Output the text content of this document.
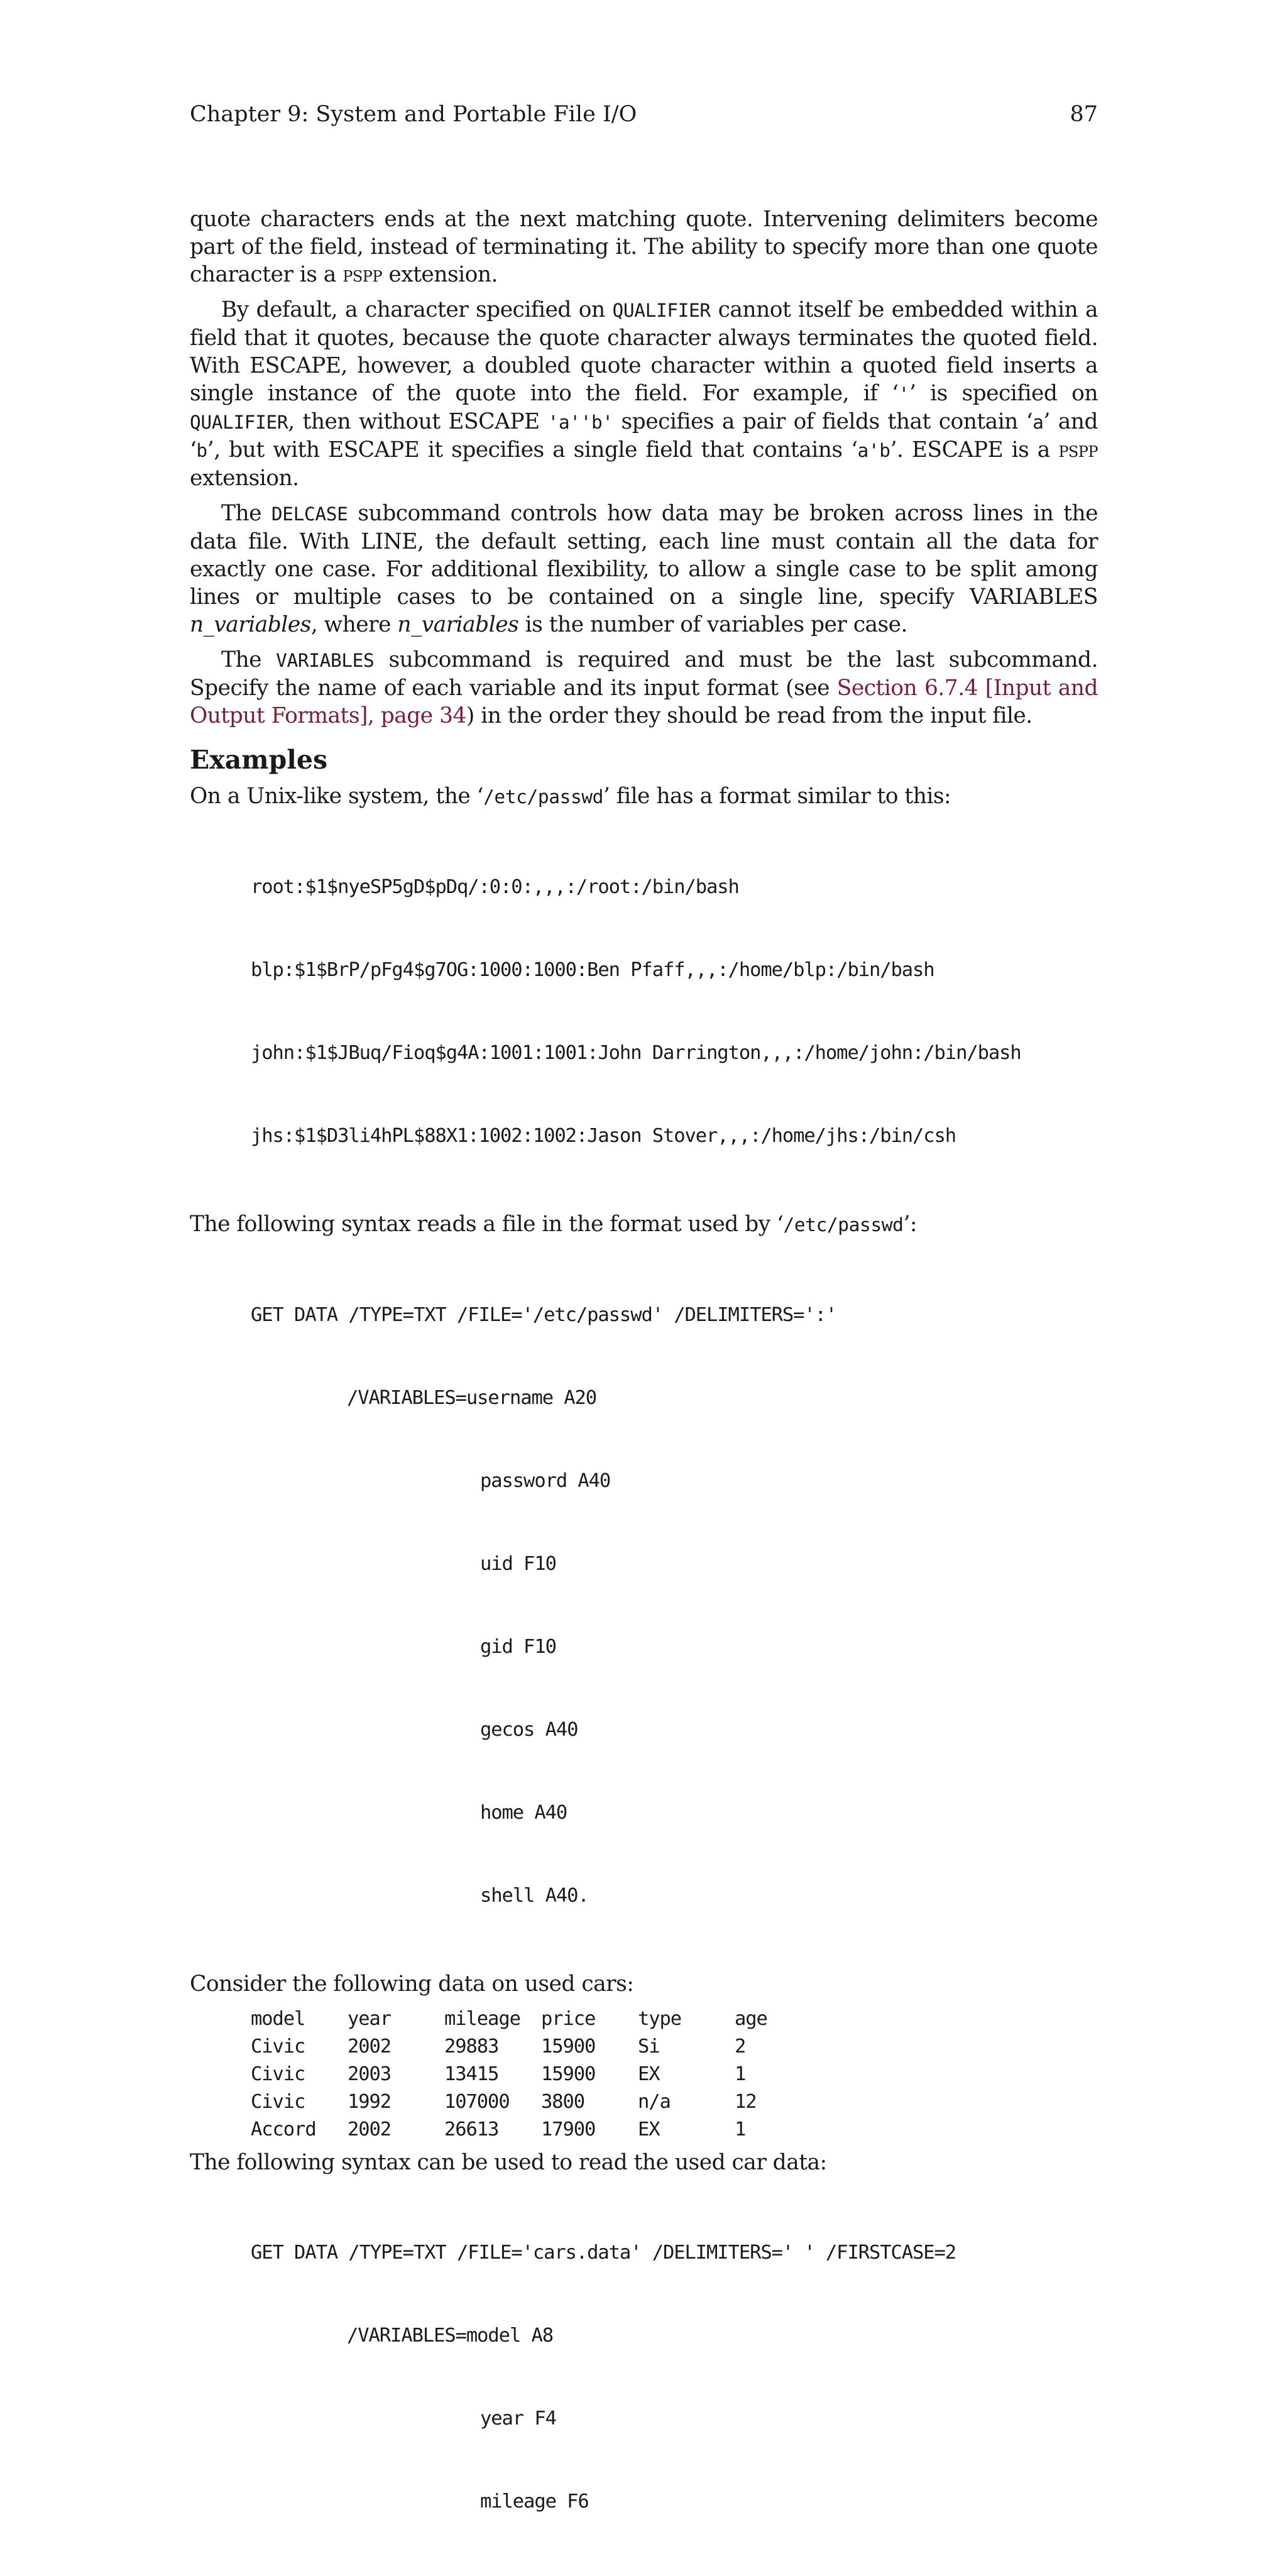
Chapter 9: System and Portable File I/O	87

quote characters ends at the next matching quote. Intervening delimiters become part of the field, instead of terminating it. The ability to specify more than one quote character is a pspp extension.

By default, a character specified on QUALIFIER cannot itself be embedded within a field that it quotes, because the quote character always terminates the quoted field. With ESCAPE, however, a doubled quote character within a quoted field inserts a single instance of the quote into the field. For example, if ‘'’ is specified on QUALIFIER, then without ESCAPE 'a''b' specifies a pair of fields that contain ‘a’ and ‘b’, but with ESCAPE it specifies a single field that contains ‘a'b’. ESCAPE is a pspp extension.

The DELCASE subcommand controls how data may be broken across lines in the data file. With LINE, the default setting, each line must contain all the data for exactly one case. For additional flexibility, to allow a single case to be split among lines or multiple cases to be contained on a single line, specify VARIABLES n_variables, where n_variables is the number of variables per case.

The VARIABLES subcommand is required and must be the last subcommand. Specify the name of each variable and its input format (see Section 6.7.4 [Input and Output Formats], page 34) in the order they should be read from the input file.

Examples

On a Unix-like system, the ‘/etc/passwd’ file has a format similar to this:

root:$1$nyeSP5gD$pDq/:0:0:,,,:/root:/bin/bash

blp:$1$BrP/pFg4$g7OG:1000:1000:Ben Pfaff,,,:/home/blp:/bin/bash

john:$1$JBuq/Fioq$g4A:1001:1001:John Darrington,,,:/home/john:/bin/bash

jhs:$1$D3li4hPL$88X1:1002:1002:Jason Stover,,,:/home/jhs:/bin/csh

The following syntax reads a file in the format used by ‘/etc/passwd’:

GET DATA /TYPE=TXT /FILE='/etc/passwd' /DELIMITERS=':'

/VARIABLES=username A20

password A40

uid F10

gid F10

gecos A40

home A40

shell A40.

Consider the following data on used cars:

model	year	mileage	price	type	age
Civic	2002	29883	15900	Si	2
Civic	2003	13415	15900	EX	1
Civic	1992	107000	3800	n/a	12
Accord	2002	26613	17900	EX	1

The following syntax can be used to read the used car data:

GET DATA /TYPE=TXT /FILE='cars.data' /DELIMITERS=' ' /FIRSTCASE=2

/VARIABLES=model A8

year F4

mileage F6
